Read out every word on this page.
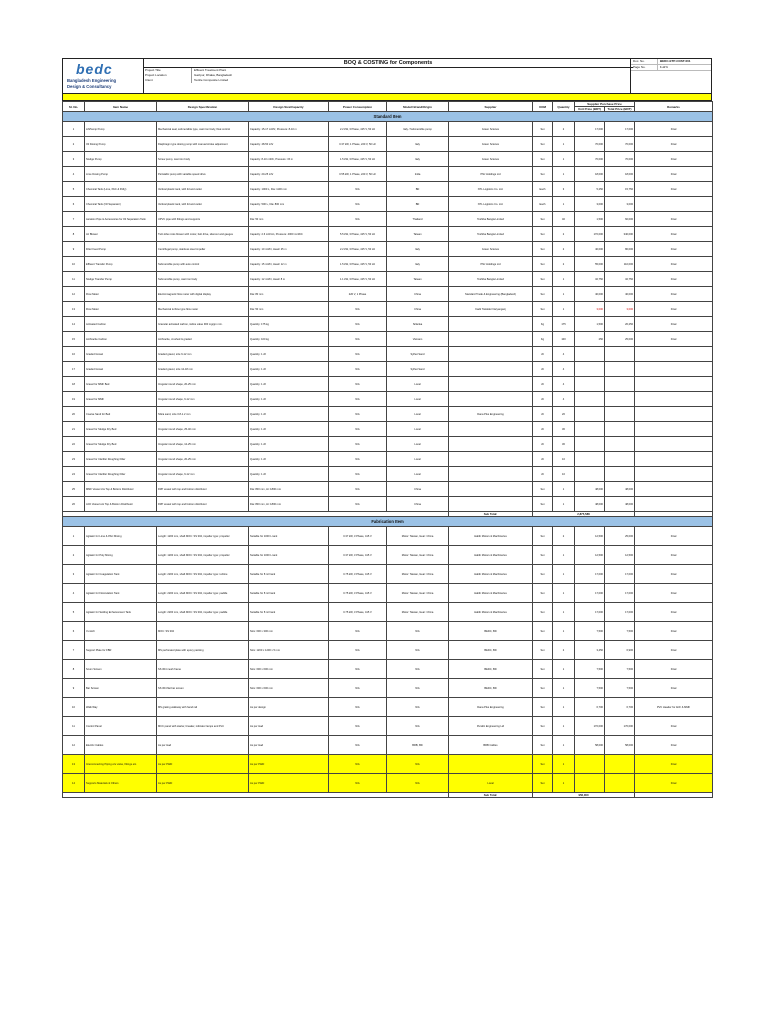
bedc
Bangladesh Engineering
Design & Consultancy
BOQ & COSTING for Components
Project Title	Effluent Treatment Plant
Project Location	Gazipur, Dhaka, Bangladesh
Client	Textile Composite Limited
Doc. No.	BEDC-ETP-COST-001
Page No.	1 of 1
Sl. No.	Item Name	Design Specification	Design Size/Capacity	Power Consumption	Model/ Brand/Origin	Supplier	UOM	Quantity	Supplier Purchase Price		Remarks
									Unit Price (BDT)	Total Price (BDT)	
Standard Item											
1	Lift/Sump Pump	Mechanical seal, submersible type, cast iron body, float control	Capacity: 15-17 m3/hr, Pressure: 8-10 m	2.2 kW, 3 Phase, 415 V, 50 Hz	Italy / Submersible pump	Green Science	Set	2	17,000	17,000	Final
2	Oil Dosing Pump	Diaphragm type dosing pump with manual stroke adjustment	Capacity: 48-50 L/hr	0.37 kW, 1 Phase, 220 V, 50 Hz	Italy	Green Science	Set	1	70,000	70,000	Final
3	Sludge Pump	Screw pump, cast iron body	Capacity: 8-10 m3/hr, Pressure: 15 m	1.5 kW, 3 Phase, 415 V, 50 Hz	Italy	Green Science	Set	1	70,000	70,000	Final
4	Lime Dosing Pump	Peristaltic pump with variable speed drive	Capacity: 20-25 L/hr	0.55 kW, 1 Phase, 220 V, 50 Hz	India	PNz Holdings Ltd	Set	1	18,000	18,000	Final
5	Chemical Tank (Lime, PAC & Polly)	Vertical plastic tank, with lid and outlet	Capacity: 1000 L, Dia: 1100 mm	N/A	BD	NTL Logistics Co. Ltd.	Each	3	5,250	15,750	Final
6	Chemical Tank (Oil Separator)	Vertical plastic tank, with lid and outlet	Capacity: 500 L, Dia: 800 mm	N/A	BD	NTL Logistics Co. Ltd.	Each	1	3,000	3,000	
7	Aeration Pipe & Accessories for Oil Separation Tank	UPVC pipe with fittings and supports	Dia: 50 mm	N/A	Thailand	Toshiba Bangla Limited	Set	40	1,500	60,000	Final
8	Air Blower	Twin lobe roots blower with motor, belt drive, silencer and gauges	Capacity: 2.6 m3/min, Pressure: 4000 mmWC	5.5 kW, 3 Phase, 415 V, 50 Hz	Taiwan	Toshiba Bangla Limited	Set	2	170,000	340,000	Final
9	Filter Feed Pump	Centrifugal pump, stainless steel impeller	Capacity: 10 m3/hr, Head: 25 m	2.2 kW, 3 Phase, 415 V, 50 Hz	Italy	Green Science	Set	2	40,000	80,000	Final
10	Effluent Transfer Pump	Submersible pump with auto control	Capacity: 15 m3/hr, Head: 12 m	1.5 kW, 3 Phase, 415 V, 50 Hz	Italy	PNz Holdings Ltd	Set	2	55,000	110,000	Final
11	Sludge Transfer Pump	Submersible pump, cast iron body	Capacity: 12 m3/hr, Head: 8 m	1.1 kW, 3 Phase, 415 V, 50 Hz	Taiwan	Toshiba Bangla Limited	Set	1	32,750	32,750	Final
12	Flow Meter	Electromagnetic flow meter with digital display	Dia: 80 mm	220 V, 1 Phase	China	Standard Trade & Engineering (Bangladesh)	Set	1	40,000	40,000	Final
13	Flow Meter	Mechanical turbine type flow meter	Dia: 50 mm	N/A	China	Kadir Talukder Naryanganj	Set	1	3,000	3,000	Final
14	Activated Carbon	Granular activated carbon, iodine value 900 mg/gm min.	Quantity: 175 kg	N/A	Srilanka		Kg	175	1,500	26,250	Final
15	Anthracite Carbon	Anthracite, crushed & graded	Quantity: 100 kg	N/A	Vietnam		Kg	100	250	25,000	Final
16	Graded Gravel	Graded gravel, size 6-12 mm	Quantity: 1 cft	N/A	Sylhet Sand		cft	4			
17	Graded Gravel	Graded gravel, size 12-18 mm	Quantity: 1 cft	N/A	Sylhet Sand		cft	4			
18	Gravel for MMF Bed	Irregular round shape, 20-25 mm	Quantity: 1 cft	N/A	Local		cft	4			
19	Gravel for MMF	Irregular round shape, 6-12 mm	Quantity: 1 cft	N/A	Local		cft	4			
20	Coarse Sand for Bed	Silica sand, size 0.8-1.2 mm	Quantity: 1 cft	N/A	Local	Dana Plus Engineering	cft	20			
21	Gravel for Sludge Dry Bed	Irregular round shape, 25-40 mm	Quantity: 1 cft	N/A	Local		cft	30			
22	Gravel for Sludge Dry Bed	Irregular round shape, 12-25 mm	Quantity: 1 cft	N/A	Local		cft	30			
23	Gravel for Clarifier Roughing Filter	Irregular round shape, 20-25 mm	Quantity: 1 cft	N/A	Local		cft	10			
24	Gravel for Clarifier Roughing Filter	Irregular round shape, 6-12 mm	Quantity: 1 cft	N/A	Local		cft	10			
25	MMF Vessel c/w Top & Bottom Distributor	FRP vessel with top and bottom distributor	Dia: 800 mm, Ht: 1800 mm	N/A	China		Set	1	48,000	48,000	
26	ACF Vessel c/w Top & Bottom Distributor	FRP vessel with top and bottom distributor	Dia: 800 mm, Ht: 1800 mm	N/A	China		Set	1	48,000	48,000	
						Sub Total:	2,875,588				
Fabrication Item											
1	Agitator for Lime & PAC Mixing	Length: 1200 mm, shaft MOC: SS 304, impeller type: propeller	Suitable for 1000 L tank	0.37 kW, 3 Phase, 415 V	Motor: Taiwan, Gear: China	Habib Motors & Machineries	Set	2	12,500	25,000	Final
2	Agitator for Poly Mixing	Length: 1200 mm, shaft MOC: SS 304, impeller type: propeller	Suitable for 1000 L tank	0.37 kW, 3 Phase, 415 V	Motor: Taiwan, Gear: China	Habib Motors & Machineries	Set	1	12,500	12,500	Final
3	Agitator for Coagulation Tank	Length: 2200 mm, shaft MOC: SS 304, impeller type: turbine	Suitable for 8 m3 tank	0.75 kW, 3 Phase, 415 V	Motor: Taiwan, Gear: China	Habib Motors & Machineries	Set	1	17,000	17,000	Final
4	Agitator for Flocculation Tank	Length: 2200 mm, shaft MOC: SS 304, impeller type: paddle	Suitable for 8 m3 tank	0.75 kW, 3 Phase, 415 V	Motor: Taiwan, Gear: China	Habib Motors & Machineries	Set	1	17,000	17,000	Final
5	Agitator for Settling Enhancement Tank	Length: 2200 mm, shaft MOC: SS 304, impeller type: paddle	Suitable for 8 m3 tank	0.75 kW, 3 Phase, 415 V	Motor: Taiwan, Gear: China	Habib Motors & Machineries	Set	1	17,000	17,000	Final
6	V-notch	MOC: SS 304	Size: 600 x 300 mm	N/A	N/A	BEDC, BD	Set	1	7,500	7,500	Final
7	Support Plate for FBR	MS perforated plate with epoxy painting	Size: 1200 x 1200 x 5 mm	N/A	N/A	BEDC, BD	Set	2	3,450	6,900	Final
8	Scum Screen	SS 304 mesh frame	Size: 600 x 600 mm	N/A	N/A	BEDC, BD	Set	1	7,500	7,500	Final
9	Bar Screen	SS 304 flat bar screen	Size: 600 x 600 mm	N/A	N/A	BEDC, BD	Set	1	7,500	7,500	Final
10	Walk Way	MS grating walkway with hand rail	As per design	N/A	N/A	Dana Plus Engineering	Set	1	6,700	6,700	PVC Header for ACF & MMF
11	Control Panel	MCC panel with starter, breaker, indicator lamps and PLC	As per load	N/A	N/A	Purafin Engineering Ltd	Set	1	170,000	170,000	Final
12	Electric Cables	As per load	As per load	N/A	BRB, BD	BRB Cables	Set	1	58,000	58,000	Final
13	Interconnecting Piping c/w valve, fittings etc.	As per P&ID	As per P&ID	N/A	N/A		Set	1			Final
14	Supports Materials & Others	As per P&ID	As per P&ID	N/A	N/A	Local	Set	1			Final
						Sub Total:	956,000				
